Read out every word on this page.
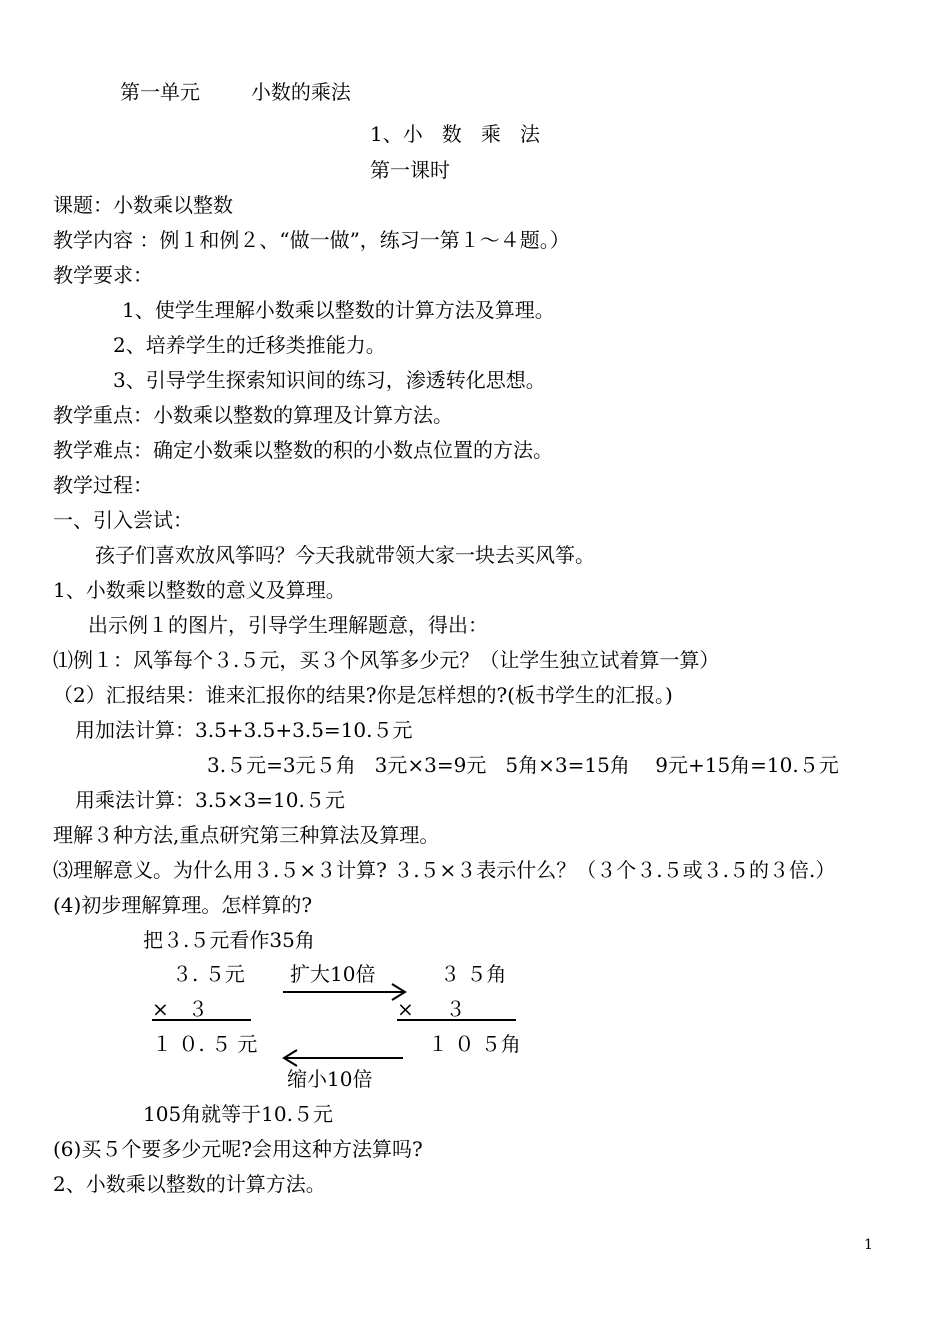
第一单元        小数的乘法
1、小   数   乘   法
第一课时
课题：小数乘以整数
教学内容 ：例１和例２、“做一做”，练习一第１～４题。）
教学要求：
1、使学生理解小数乘以整数的计算方法及算理。
2、培养学生的迁移类推能力。
3、引导学生探索知识间的练习，渗透转化思想。
教学重点：小数乘以整数的算理及计算方法。
教学难点：确定小数乘以整数的积的小数点位置的方法。
教学过程：
一、引入尝试：
孩子们喜欢放风筝吗？今天我就带领大家一块去买风筝。
1、小数乘以整数的意义及算理。
出示例１的图片，引导学生理解题意，得出：
⑴例１：风筝每个３.５元，买３个风筝多少元？（让学生独立试着算一算）
（2）汇报结果：谁来汇报你的结果?你是怎样想的?(板书学生的汇报。)
用加法计算：3.5+3.5+3.5=10.５元
3.５元=3元５角   3元×3=9元   5角×3=15角    9元+15角=10.５元
用乘法计算：3.5×3=10.５元
理解３种方法,重点研究第三种算法及算理。
⑶理解意义。为什么用３.５×３计算? ３.５×３表示什么？（３个３.５或３.５的３倍.）
(4)初步理解算理。怎样算的?
把３.５元看作35角
３. ５元 扩大10倍	３ ５角
×   ３	×     ３
１ ０. ５ 元	１ ０ ５角
缩小10倍
105角就等于10.５元
(6)买５个要多少元呢?会用这种方法算吗?
2、小数乘以整数的计算方法。
1
